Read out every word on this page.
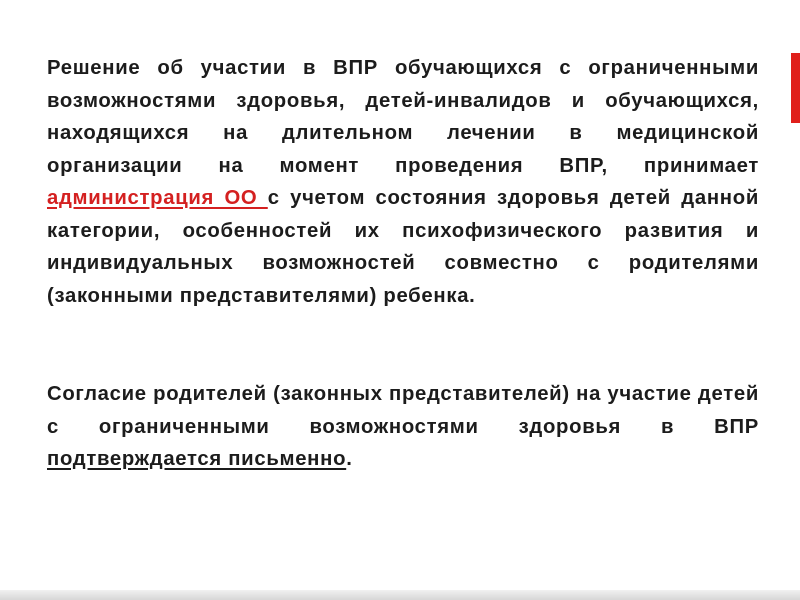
Решение об участии в ВПР обучающихся с ограниченными возможностями здоровья, детей-инвалидов и обучающихся, находящихся на длительном лечении в медицинской организации на момент проведения ВПР, принимает администрация ОО с учетом состояния здоровья детей данной категории, особенностей их психофизического развития и индивидуальных возможностей совместно с родителями (законными представителями) ребенка.

Согласие родителей (законных представителей) на участие детей с ограниченными возможностями здоровья в ВПР подтверждается письменно.
